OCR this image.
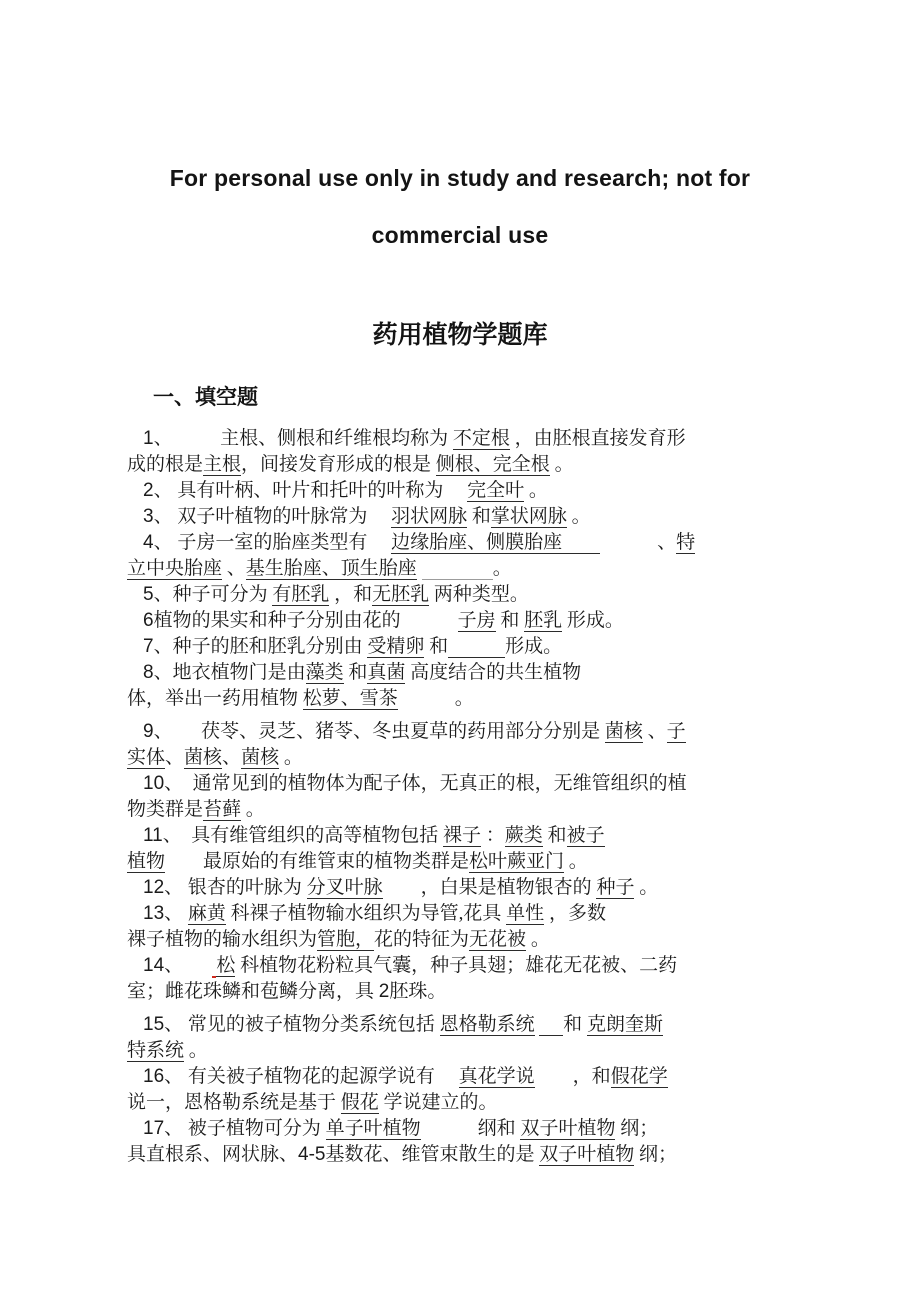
For personal use only in study and research; not for
commercial use
药用植物学题库
一、填空题
1、　　　主根、侧根和纤维根均称为 不定根 ，由胚根直接发育形
成的根是主根，间接发育形成的根是 侧根、完全根 。
2、 具有叶柄、叶片和托叶的叶称为　 完全叶 。
3、 双子叶植物的叶脉常为　 羽状网脉 和掌状网脉 。
4、 子房一室的胎座类型有　 边缘胎座、侧膜胎座        　　　、特
立中央胎座 、基生胎座、顶生胎座	。
5、种子可分为 有胚乳 ，和无胚乳 两种类型。
6植物的果实和种子分别由花的　　　子房 和 胚乳 形成。
7、种子的胚和胚乳分别由 受精卵 和	形成。
8、地衣植物门是由藻类 和真菌 高度结合的共生植物
体，举出一药用植物 松萝、雪茶　　　。
9、　　茯苓、灵芝、猪苓、冬虫夏草的药用部分分别是 菌核 、子
实体、菌核、菌核 。
10、　通常见到的植物体为配子体，无真正的根，无维管组织的植
物类群是苔藓 。
11、　具有维管组织的高等植物包括 裸子 ：蕨类 和被子
植物　　最原始的有维管束的植物类群是松叶蕨亚门 。
12、 银杏的叶脉为 分叉叶脉　　，白果是植物银杏的 种子 。
13、 麻黄 科裸子植物输水组织为导管,花具 单性 ，多数
裸子植物的输水组织为管胞，花的特征为无花被 。
14、　　 松 科植物花粉粒具气囊，种子具翅；雄花无花被、二药
室；雌花珠鳞和苞鳞分离，具 2胚珠。
15、 常见的被子植物分类系统包括 恩格勒系统 和 克朗奎斯
特系统 。
16、 有关被子植物花的起源学说有　 真花学说　　，和假花学
说一，恩格勒系统是基于 假花 学说建立的。
17、 被子植物可分为 单子叶植物　　　纲和 双子叶植物 纲；
具直根系、网状脉、4-5基数花、维管束散生的是 双子叶植物 纲；
